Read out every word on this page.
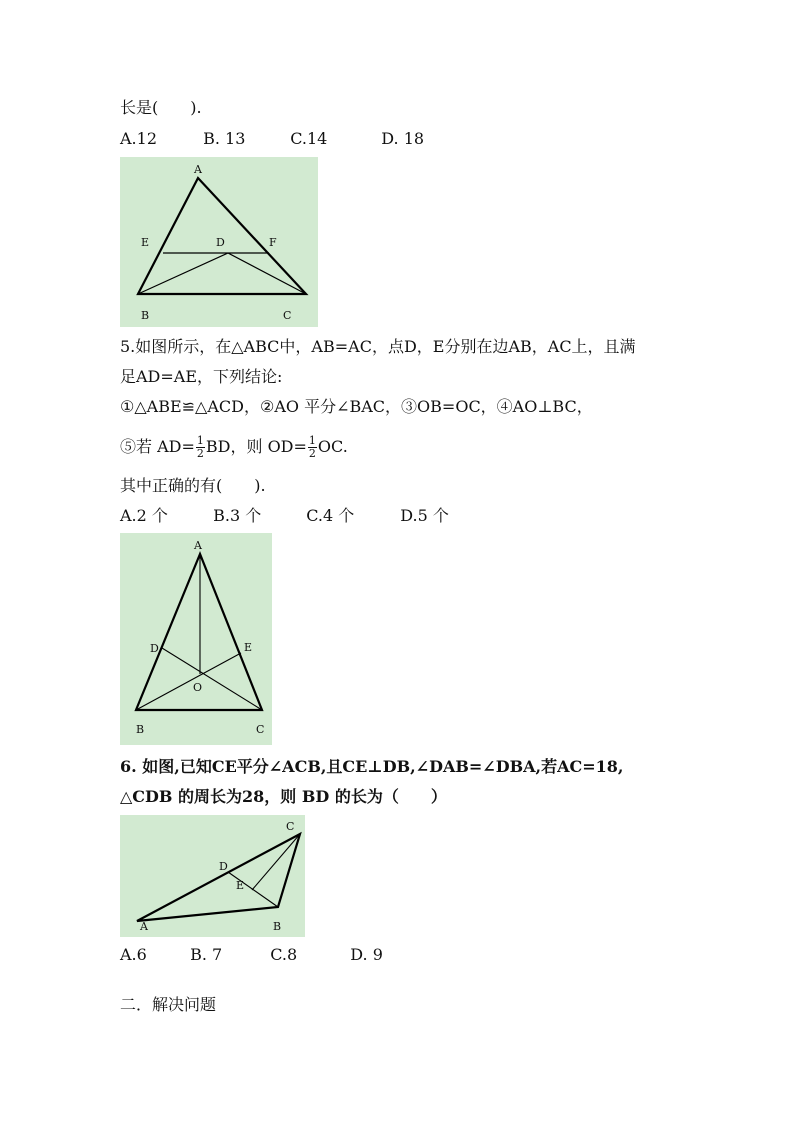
长是(　　).
A.12	B. 13	C.14	D. 18
A
E	D	F
B	C
5.如图所示，在△ABC中，AB=AC，点D，E分别在边AB，AC上，且满
足AD=AE，下列结论:
①△ABE≌△ACD，②AO 平分∠BAC，③OB=OC，④AO⊥BC，
⑤若 $AD= \frac{1}{2}$ BD，则 $OD= \frac{1}{2}$ OC.
其中正确的有(　　).
A.2 个	B.3 个	C.4 个	D.5 个
A
D	E
O
B	C
6. 如图,已知CE平分∠ACB,且CE⊥DB,∠DAB=∠DBA,若AC=18,
△CDB 的周长为28，则 BD 的长为（　　）
C
D
E
A	B
A.6	B. 7	C.8	D. 9
二．解决问题
